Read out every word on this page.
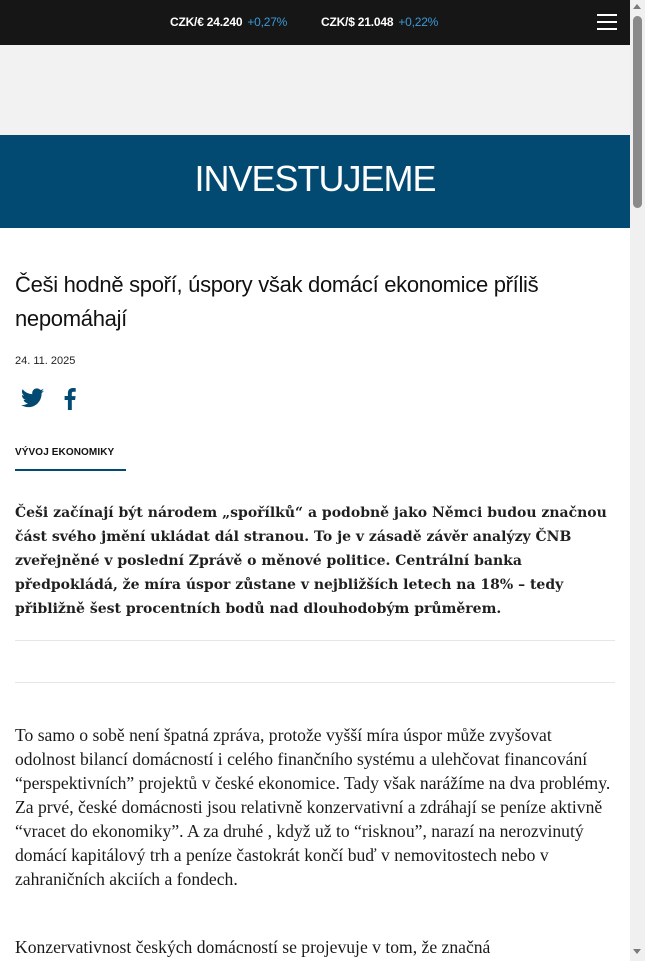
CZK/€ 24.240 +0,27%	CZK/$ 21.048 +0,22%
INVESTUJEME
Češi hodně spoří, úspory však domácí ekonomice příliš nepomáhají
24. 11. 2025
VÝVOJ EKONOMIKY

Češi začínají být národem „spořílků“ a podobně jako Němci budou značnou část svého jmění ukládat dál stranou. To je v zásadě závěr analýzy ČNB zveřejněné v poslední Zprávě o měnové politice. Centrální banka předpokládá, že míra úspor zůstane v nejbližších letech na 18% – tedy přibližně šest procentních bodů nad dlouhodobým průměrem.

To samo o sobě není špatná zpráva, protože vyšší míra úspor může zvyšovat odolnost bilancí domácností i celého finančního systému a ulehčovat financování “perspektivních” projektů v české ekonomice. Tady však narážíme na dva problémy. Za prvé, české domácnosti jsou relativně konzervativní a zdráhají se peníze aktivně “vracet do ekonomiky”. A za druhé , když už to “risknou”, narazí na nerozvinutý domácí kapitálový trh a peníze častokrát končí buď v nemovitostech nebo v zahraničních akciích a fondech.

Konzervativnost českých domácností se projevuje v tom, že značná
